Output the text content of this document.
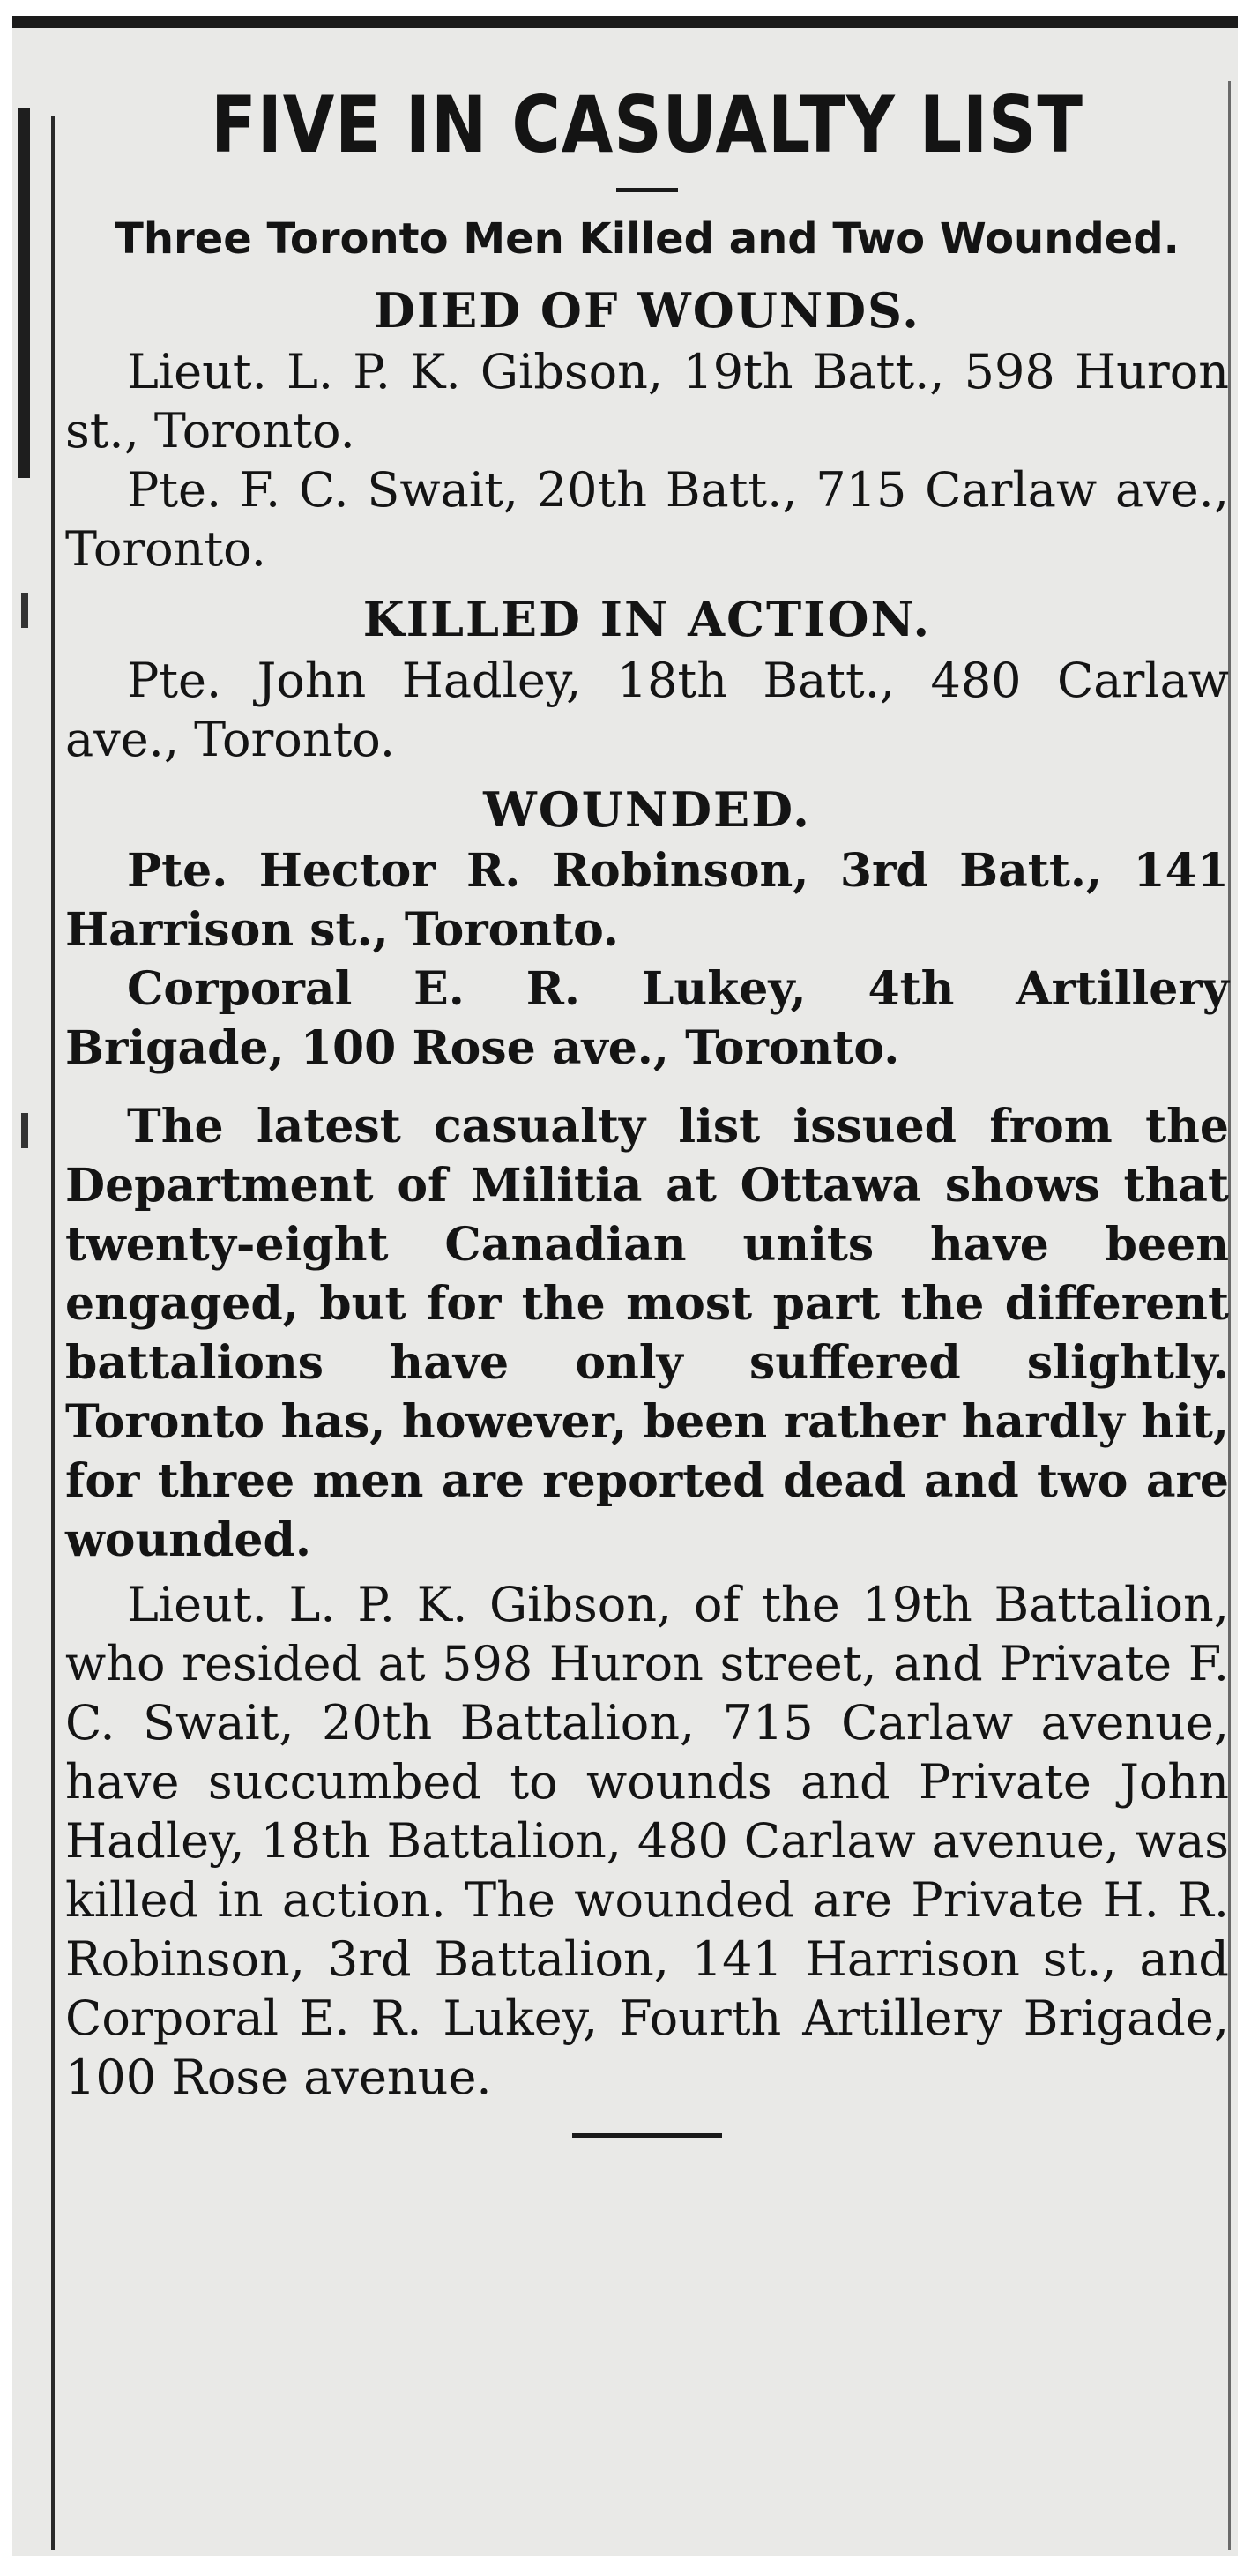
FIVE IN CASUALTY LIST
Three Toronto Men Killed and Two Wounded.
DIED OF WOUNDS.

Lieut. L. P. K. Gibson, 19th Batt., 598 Huron st., Toronto.

Pte. F. C. Swait, 20th Batt., 715 Carlaw ave., Toronto.

KILLED IN ACTION.

Pte. John Hadley, 18th Batt., 480 Carlaw ave., Toronto.

WOUNDED.

Pte. Hector R. Robinson, 3rd Batt., 141 Harrison st., Toronto.

Corporal E. R. Lukey, 4th Artillery Brigade, 100 Rose ave., Toronto.

The latest casualty list issued from the Department of Militia at Ottawa shows that twenty-eight Canadian units have been engaged, but for the most part the different battalions have only suffered slightly. Toronto has, however, been rather hardly hit, for three men are reported dead and two are wounded.

Lieut. L. P. K. Gibson, of the 19th Battalion, who resided at 598 Huron street, and Private F. C. Swait, 20th Battalion, 715 Carlaw avenue, have succumbed to wounds and Private John Hadley, 18th Battalion, 480 Carlaw avenue, was killed in action. The wounded are Private H. R. Robinson, 3rd Battalion, 141 Harrison st., and Corporal E. R. Lukey, Fourth Artillery Brigade, 100 Rose avenue.
